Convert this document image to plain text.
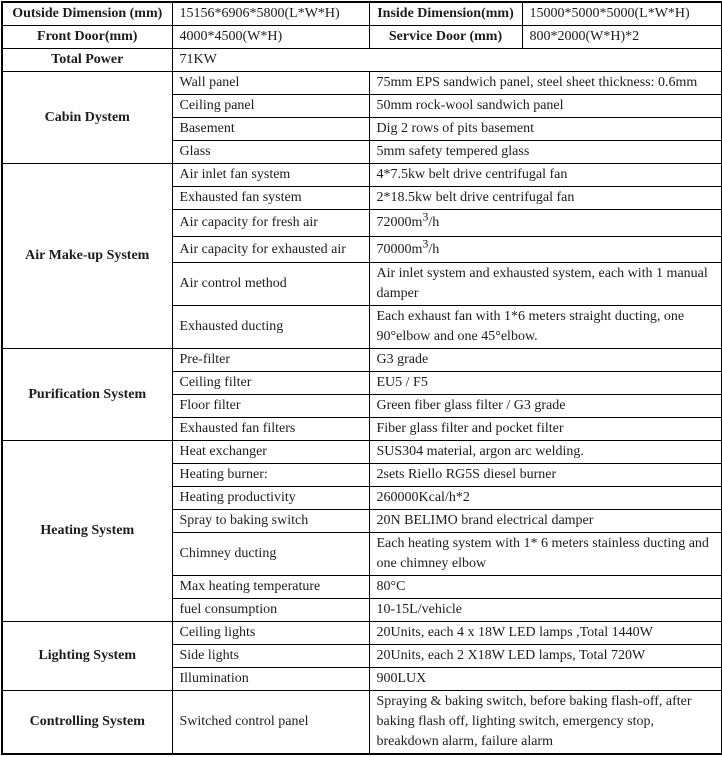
Outside Dimension (mm)	15156*6906*5800(L*W*H)	Inside Dimension(mm)	15000*5000*5000(L*W*H)
Front Door(mm)	4000*4500(W*H)	Service Door (mm)	800*2000(W*H)*2
Total Power	71KW		
Cabin Dystem	Wall panel	75mm EPS sandwich panel, steel sheet thickness: 0.6mm	
	Ceiling panel	50mm rock-wool sandwich panel	
	Basement	Dig 2 rows of pits basement	
	Glass	5mm safety tempered glass	
Air Make-up System	Air inlet fan system	4*7.5kw belt drive centrifugal fan	
	Exhausted fan system	2*18.5kw belt drive centrifugal fan	
	Air capacity for fresh air	$72000m^3/h$	
	Air capacity for exhausted air	$70000m^3/h$	
	Air control method	Air inlet system and exhausted system, each with 1 manual damper	
	Exhausted ducting	Each exhaust fan with 1*6 meters straight ducting, one 90°elbow and one 45°elbow.	
Purification System	Pre-filter	G3 grade	
	Ceiling filter	EU5 / F5	
	Floor filter	Green fiber glass filter / G3 grade	
	Exhausted fan filters	Fiber glass filter and pocket filter	
Heating System	Heat exchanger	SUS304 material, argon arc welding.	
	Heating burner:	2sets Riello RG5S diesel burner	
	Heating productivity	260000Kcal/h*2	
	Spray to baking switch	20N BELIMO brand electrical damper	
	Chimney ducting	Each heating system with 1* 6 meters stainless ducting and one chimney elbow	
	Max heating temperature	80°C	
	fuel consumption	10-15L/vehicle	
Lighting System	Ceiling lights	20Units, each 4 x 18W LED lamps ,Total 1440W	
	Side lights	20Units, each 2 X18W LED lamps, Total 720W	
	Illumination	900LUX	
Controlling System	Switched control panel	Spraying & baking switch, before baking flash-off, after baking flash off, lighting switch, emergency stop, breakdown alarm, failure alarm	
